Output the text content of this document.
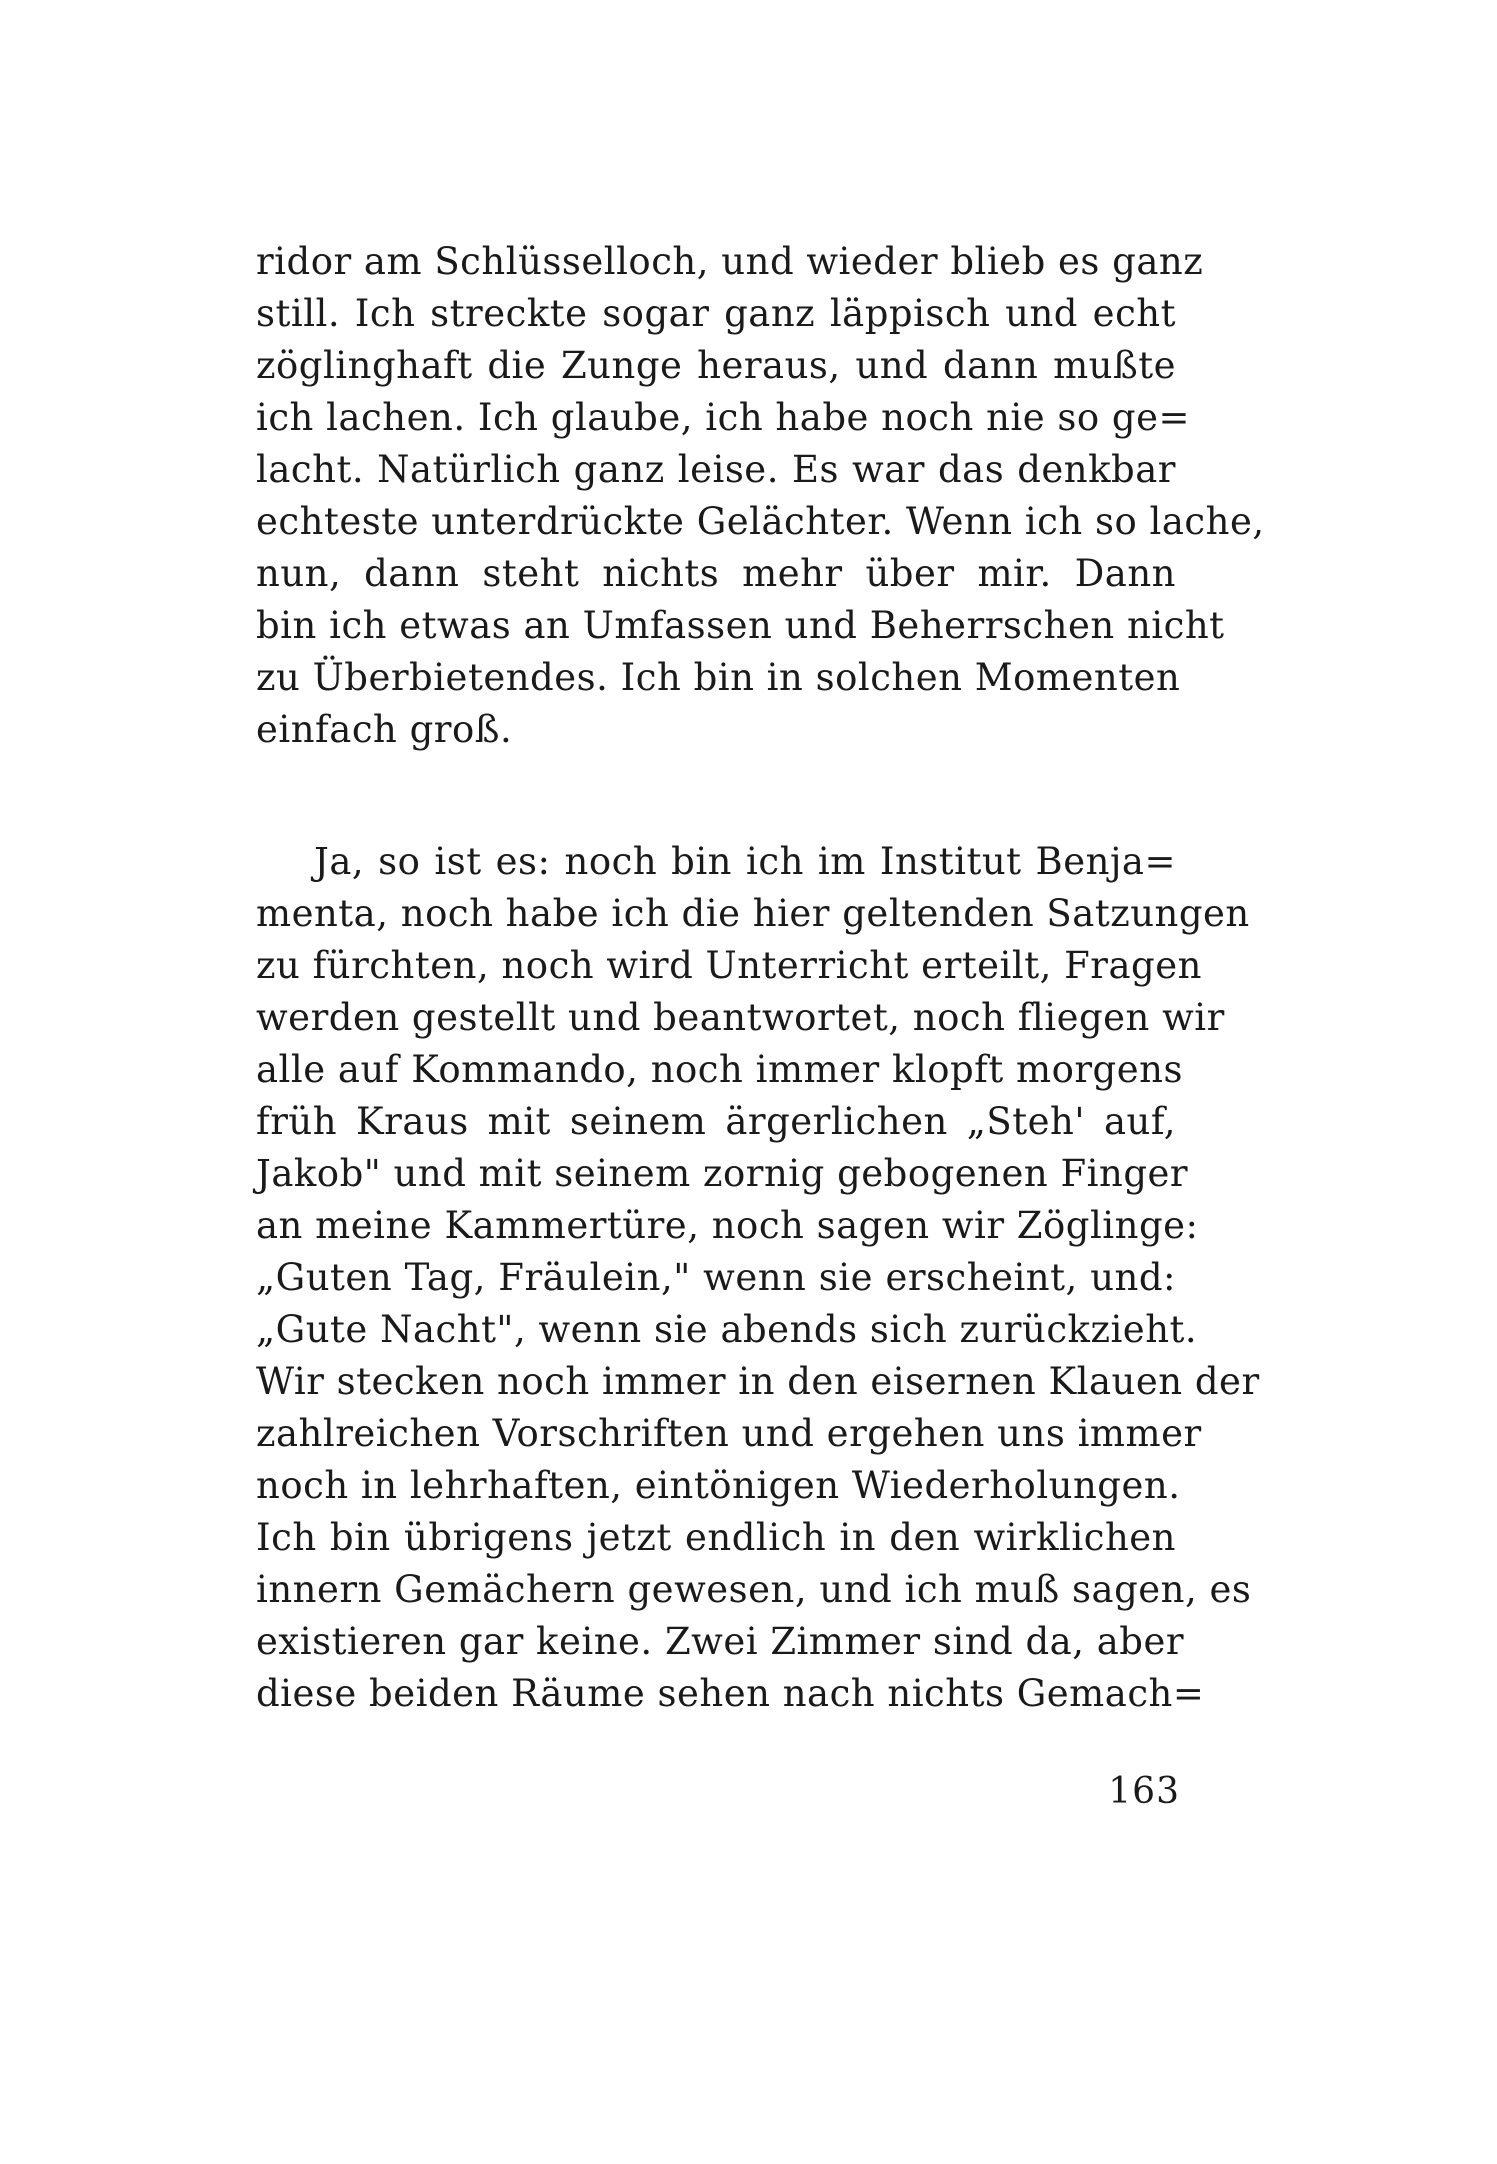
ridor am Schlüsselloch, und wieder blieb es ganz
still. Ich streckte sogar ganz läppisch und echt
zöglinghaft die Zunge heraus, und dann mußte
ich lachen. Ich glaube, ich habe noch nie so ge=
lacht. Natürlich ganz leise. Es war das denkbar
echteste unterdrückte Gelächter. Wenn ich so lache,
nun, dann steht nichts mehr über mir. Dann
bin ich etwas an Umfassen und Beherrschen nicht
zu Überbietendes. Ich bin in solchen Momenten
einfach groß.
Ja, so ist es: noch bin ich im Institut Benja=
menta, noch habe ich die hier geltenden Satzungen
zu fürchten, noch wird Unterricht erteilt, Fragen
werden gestellt und beantwortet, noch fliegen wir
alle auf Kommando, noch immer klopft morgens
früh Kraus mit seinem ärgerlichen „Steh' auf,
Jakob" und mit seinem zornig gebogenen Finger
an meine Kammertüre, noch sagen wir Zöglinge:
„Guten Tag, Fräulein," wenn sie erscheint, und:
„Gute Nacht", wenn sie abends sich zurückzieht.
Wir stecken noch immer in den eisernen Klauen der
zahlreichen Vorschriften und ergehen uns immer
noch in lehrhaften, eintönigen Wiederholungen.
Ich bin übrigens jetzt endlich in den wirklichen
innern Gemächern gewesen, und ich muß sagen, es
existieren gar keine. Zwei Zimmer sind da, aber
diese beiden Räume sehen nach nichts Gemach=
163
